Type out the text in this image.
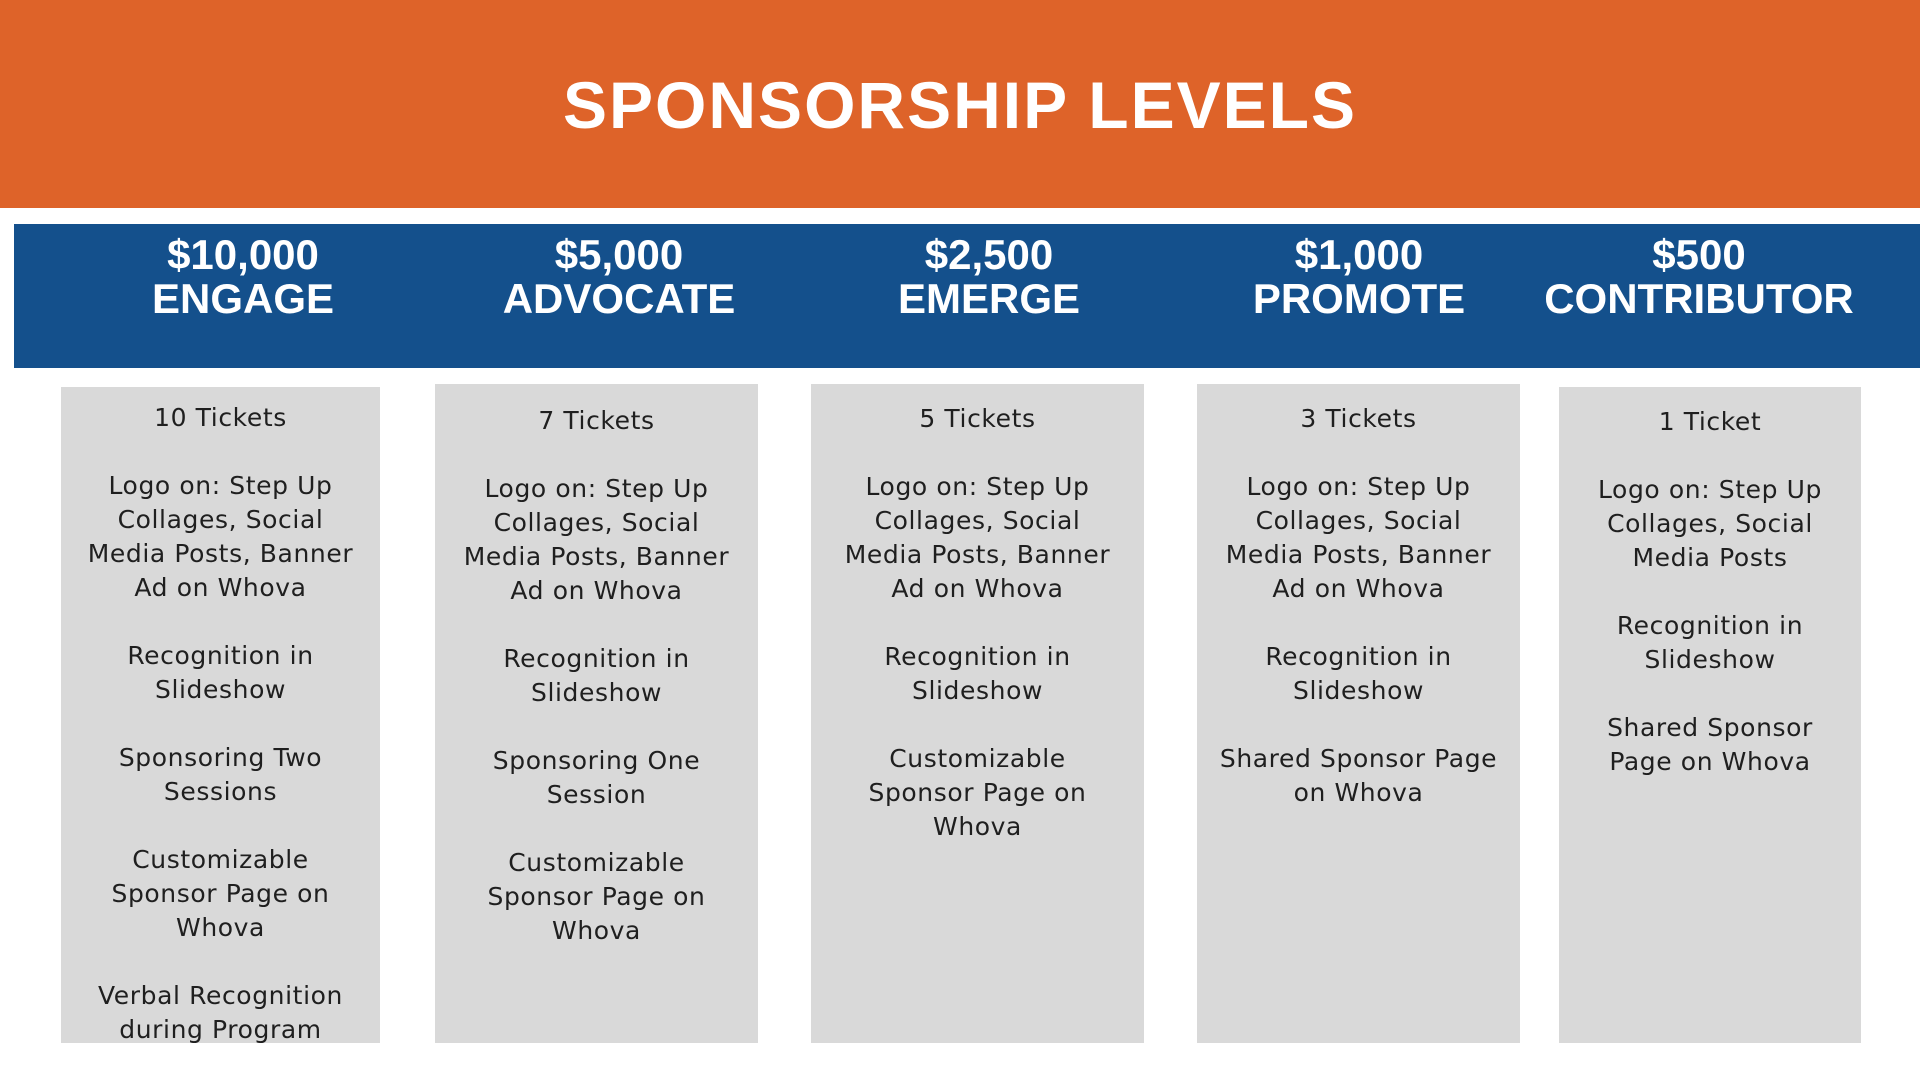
SPONSORSHIP LEVELS
$10,000
ENGAGE
$5,000
ADVOCATE
$2,500
EMERGE
$1,000
PROMOTE
$500
CONTRIBUTOR
10 Tickets
Logo on: Step Up Collages, Social Media Posts, Banner Ad on Whova
Recognition in Slideshow
Sponsoring Two Sessions
Customizable Sponsor Page on Whova
Verbal Recognition during Program
7 Tickets
Logo on: Step Up Collages, Social Media Posts, Banner Ad on Whova
Recognition in Slideshow
Sponsoring One Session
Customizable Sponsor Page on Whova
5 Tickets
Logo on: Step Up Collages, Social Media Posts, Banner Ad on Whova
Recognition in Slideshow
Customizable Sponsor Page on Whova
3 Tickets
Logo on: Step Up Collages, Social Media Posts, Banner Ad on Whova
Recognition in Slideshow
Shared Sponsor Page on Whova
1 Ticket
Logo on: Step Up Collages, Social Media Posts
Recognition in Slideshow
Shared Sponsor Page on Whova
